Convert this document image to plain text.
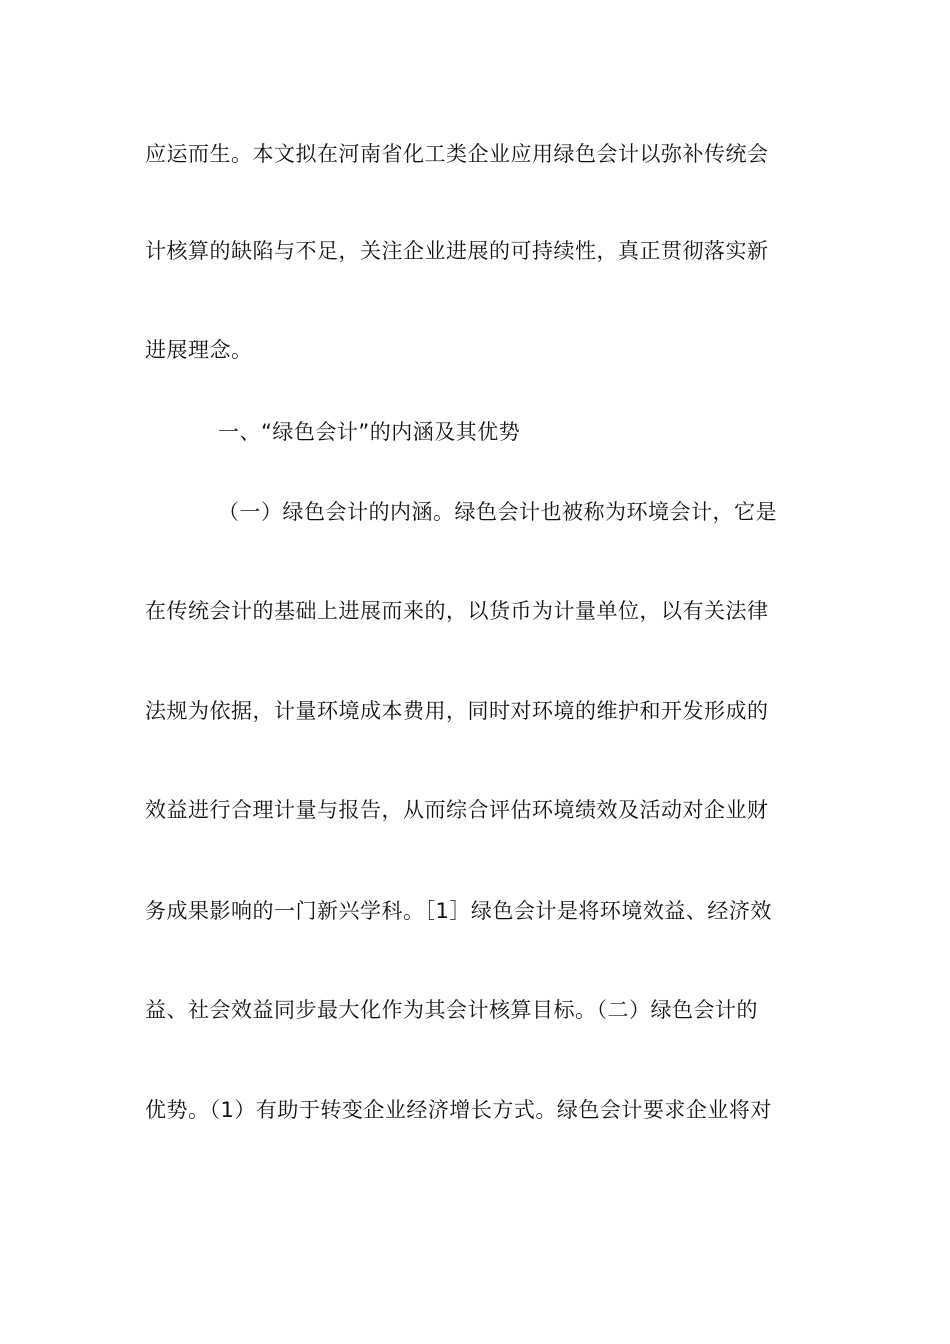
应运而生。本文拟在河南省化工类企业应用绿色会计以弥补传统会
计核算的缺陷与不足，关注企业进展的可持续性，真正贯彻落实新
进展理念。
一、“绿色会计”的内涵及其优势
（一）绿色会计的内涵。绿色会计也被称为环境会计，它是
在传统会计的基础上进展而来的，以货币为计量单位，以有关法律
法规为依据，计量环境成本费用，同时对环境的维护和开发形成的
效益进行合理计量与报告，从而综合评估环境绩效及活动对企业财
务成果影响的一门新兴学科。［1］绿色会计是将环境效益、经济效
益、社会效益同步最大化作为其会计核算目标。（二）绿色会计的
优势。（1）有助于转变企业经济增长方式。绿色会计要求企业将对
